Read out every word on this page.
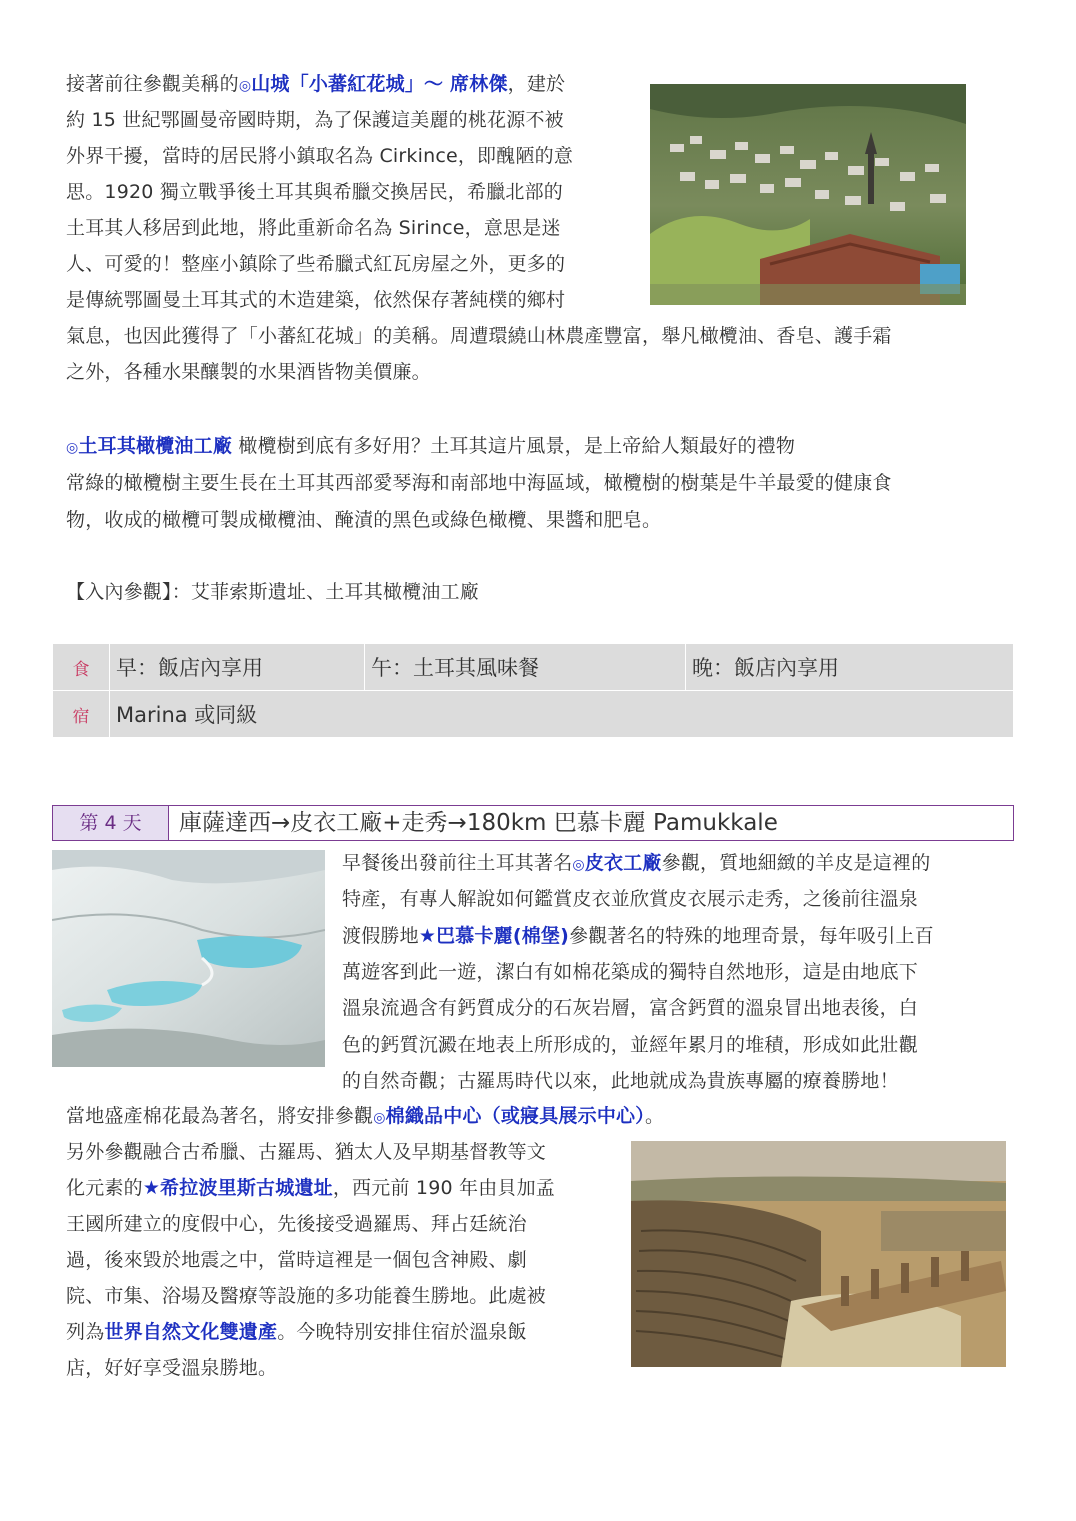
接著前往參觀美稱的◎山城「小蕃紅花城」～ 席林傑，建於
約 15 世紀鄂圖曼帝國時期，為了保護這美麗的桃花源不被
外界干擾，當時的居民將小鎮取名為 Cirkince，即醜陋的意
思。1920 獨立戰爭後土耳其與希臘交換居民，希臘北部的
土耳其人移居到此地，將此重新命名為 Sirince，意思是迷
人、可愛的！整座小鎮除了些希臘式紅瓦房屋之外，更多的
是傳統鄂圖曼土耳其式的木造建築，依然保存著純樸的鄉村
氣息，也因此獲得了「小蕃紅花城」的美稱。周遭環繞山林農產豐富，舉凡橄欖油、香皂、護手霜
之外，各種水果釀製的水果酒皆物美價廉。
◎土耳其橄欖油工廠 橄欖樹到底有多好用？土耳其這片風景，是上帝給人類最好的禮物
常綠的橄欖樹主要生長在土耳其西部愛琴海和南部地中海區域，橄欖樹的樹葉是牛羊最愛的健康食
物，收成的橄欖可製成橄欖油、醃漬的黑色或綠色橄欖、果醬和肥皂。
【入內參觀】：艾菲索斯遺址、土耳其橄欖油工廠
食	早：飯店內享用	午：土耳其風味餐	晚：飯店內享用
宿	Marina 或同級		
第 4 天	庫薩達西→皮衣工廠+走秀→180km 巴慕卡麗 Pamukkale
早餐後出發前往土耳其著名◎皮衣工廠參觀，質地細緻的羊皮是這裡的
特產，有專人解說如何鑑賞皮衣並欣賞皮衣展示走秀，之後前往溫泉
渡假勝地★巴慕卡麗(棉堡)參觀著名的特殊的地理奇景，每年吸引上百
萬遊客到此一遊，潔白有如棉花築成的獨特自然地形，這是由地底下
溫泉流過含有鈣質成分的石灰岩層，富含鈣質的溫泉冒出地表後，白
色的鈣質沉澱在地表上所形成的，並經年累月的堆積，形成如此壯觀
的自然奇觀；古羅馬時代以來，此地就成為貴族專屬的療養勝地！
當地盛產棉花最為著名，將安排參觀◎棉織品中心（或寢具展示中心）。
另外參觀融合古希臘、古羅馬、猶太人及早期基督教等文
化元素的★希拉波里斯古城遺址，西元前 190 年由貝加孟
王國所建立的度假中心，先後接受過羅馬、拜占廷統治
過，後來毀於地震之中，當時這裡是一個包含神殿、劇
院、市集、浴場及醫療等設施的多功能養生勝地。此處被
列為世界自然文化雙遺產。今晚特別安排住宿於溫泉飯
店，好好享受溫泉勝地。
